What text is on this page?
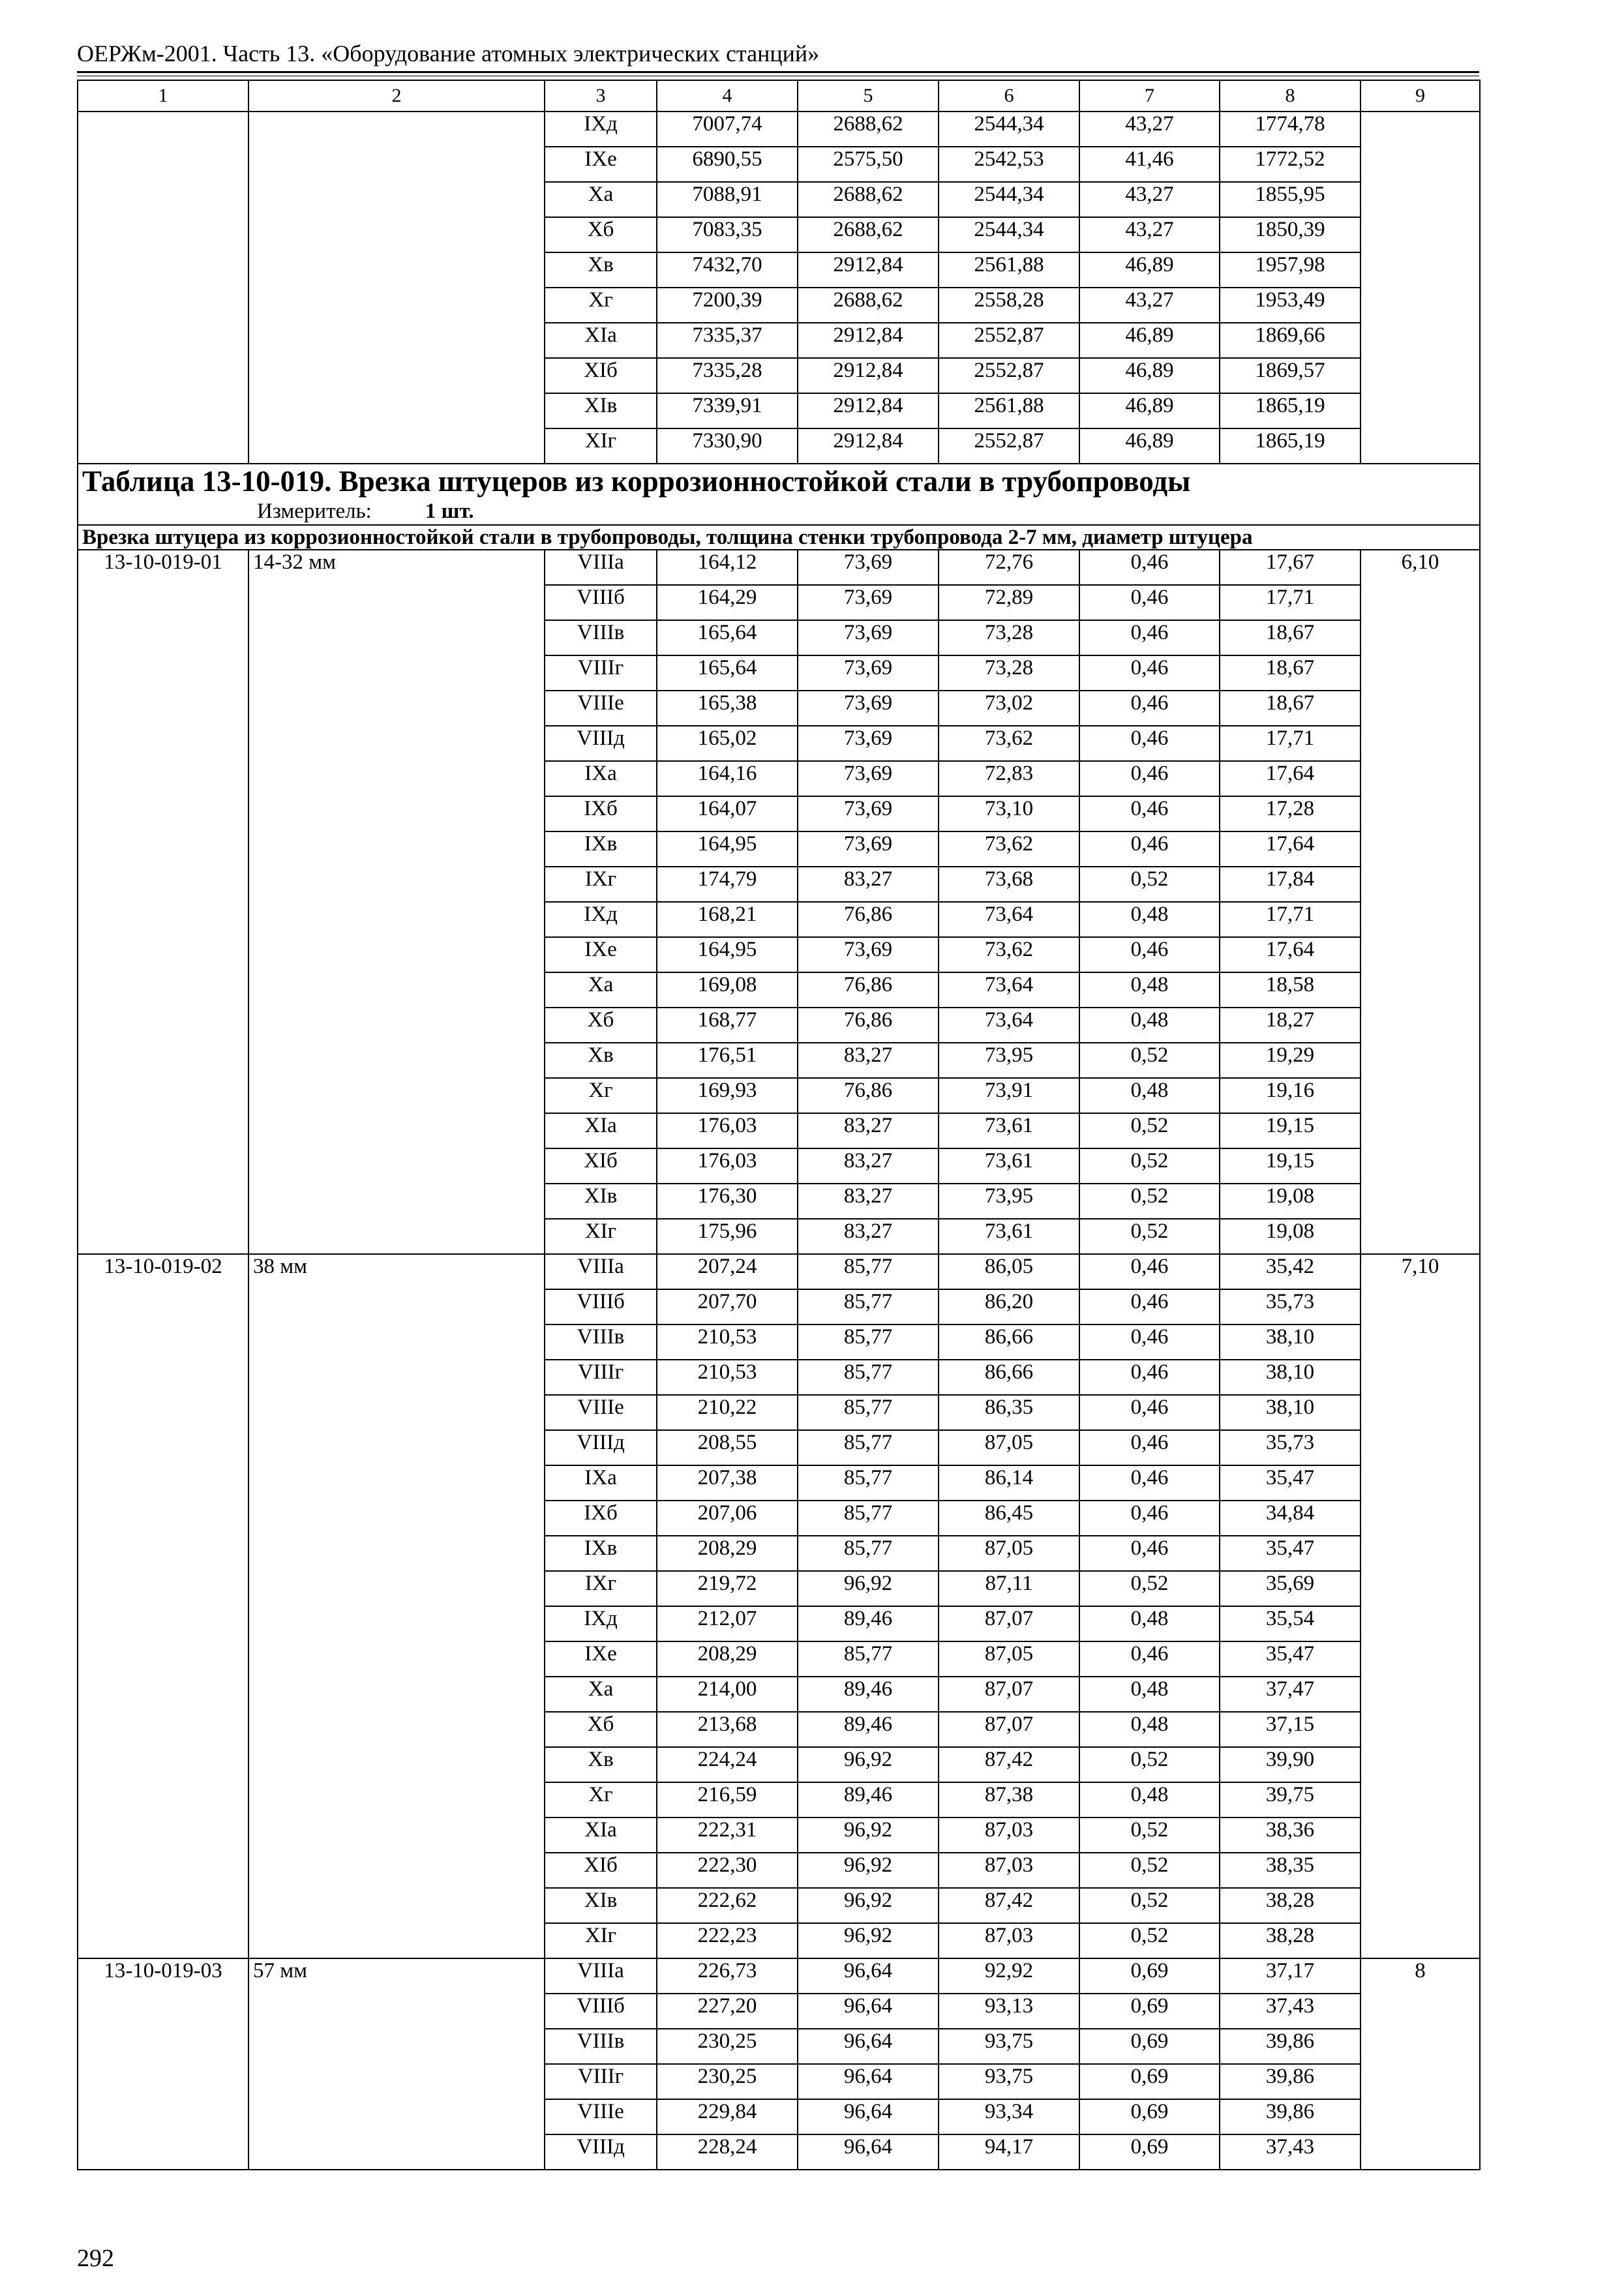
ОЕРЖм-2001. Часть 13. «Оборудование атомных электрических станций»
1	2	3	4	5	6	7	8	9
		IXд	7007,74	2688,62	2544,34	43,27	1774,78	
		IXе	6890,55	2575,50	2542,53	41,46	1772,52	
		Xа	7088,91	2688,62	2544,34	43,27	1855,95	
		Xб	7083,35	2688,62	2544,34	43,27	1850,39	
		Xв	7432,70	2912,84	2561,88	46,89	1957,98	
		Xг	7200,39	2688,62	2558,28	43,27	1953,49	
		XIа	7335,37	2912,84	2552,87	46,89	1869,66	
		XIб	7335,28	2912,84	2552,87	46,89	1869,57	
		XIв	7339,91	2912,84	2561,88	46,89	1865,19	
		XIг	7330,90	2912,84	2552,87	46,89	1865,19	

Таблица 13-10-019. Врезка штуцеров из коррозионностойкой стали в трубопроводы
Измеритель: 1 шт.								

Врезка штуцера из коррозионностойкой стали в трубопроводы, толщина стенки трубопровода 2-7 мм, диаметр штуцера								
13-10-019-01	14-32 мм	VIIIа	164,12	73,69	72,76	0,46	17,67	6,10
		VIIIб	164,29	73,69	72,89	0,46	17,71	
		VIIIв	165,64	73,69	73,28	0,46	18,67	
		VIIIг	165,64	73,69	73,28	0,46	18,67	
		VIIIе	165,38	73,69	73,02	0,46	18,67	
		VIIIд	165,02	73,69	73,62	0,46	17,71	
		IXа	164,16	73,69	72,83	0,46	17,64	
		IXб	164,07	73,69	73,10	0,46	17,28	
		IXв	164,95	73,69	73,62	0,46	17,64	
		IXг	174,79	83,27	73,68	0,52	17,84	
		IXд	168,21	76,86	73,64	0,48	17,71	
		IXе	164,95	73,69	73,62	0,46	17,64	
		Xа	169,08	76,86	73,64	0,48	18,58	
		Xб	168,77	76,86	73,64	0,48	18,27	
		Xв	176,51	83,27	73,95	0,52	19,29	
		Xг	169,93	76,86	73,91	0,48	19,16	
		XIа	176,03	83,27	73,61	0,52	19,15	
		XIб	176,03	83,27	73,61	0,52	19,15	
		XIв	176,30	83,27	73,95	0,52	19,08	
		XIг	175,96	83,27	73,61	0,52	19,08	
13-10-019-02	38 мм	VIIIа	207,24	85,77	86,05	0,46	35,42	7,10
		VIIIб	207,70	85,77	86,20	0,46	35,73	
		VIIIв	210,53	85,77	86,66	0,46	38,10	
		VIIIг	210,53	85,77	86,66	0,46	38,10	
		VIIIе	210,22	85,77	86,35	0,46	38,10	
		VIIIд	208,55	85,77	87,05	0,46	35,73	
		IXа	207,38	85,77	86,14	0,46	35,47	
		IXб	207,06	85,77	86,45	0,46	34,84	
		IXв	208,29	85,77	87,05	0,46	35,47	
		IXг	219,72	96,92	87,11	0,52	35,69	
		IXд	212,07	89,46	87,07	0,48	35,54	
		IXе	208,29	85,77	87,05	0,46	35,47	
		Xа	214,00	89,46	87,07	0,48	37,47	
		Xб	213,68	89,46	87,07	0,48	37,15	
		Xв	224,24	96,92	87,42	0,52	39,90	
		Xг	216,59	89,46	87,38	0,48	39,75	
		XIа	222,31	96,92	87,03	0,52	38,36	
		XIб	222,30	96,92	87,03	0,52	38,35	
		XIв	222,62	96,92	87,42	0,52	38,28	
		XIг	222,23	96,92	87,03	0,52	38,28	
13-10-019-03	57 мм	VIIIа	226,73	96,64	92,92	0,69	37,17	8
		VIIIб	227,20	96,64	93,13	0,69	37,43	
		VIIIв	230,25	96,64	93,75	0,69	39,86	
		VIIIг	230,25	96,64	93,75	0,69	39,86	
		VIIIе	229,84	96,64	93,34	0,69	39,86	
		VIIIд	228,24	96,64	94,17	0,69	37,43	
292
